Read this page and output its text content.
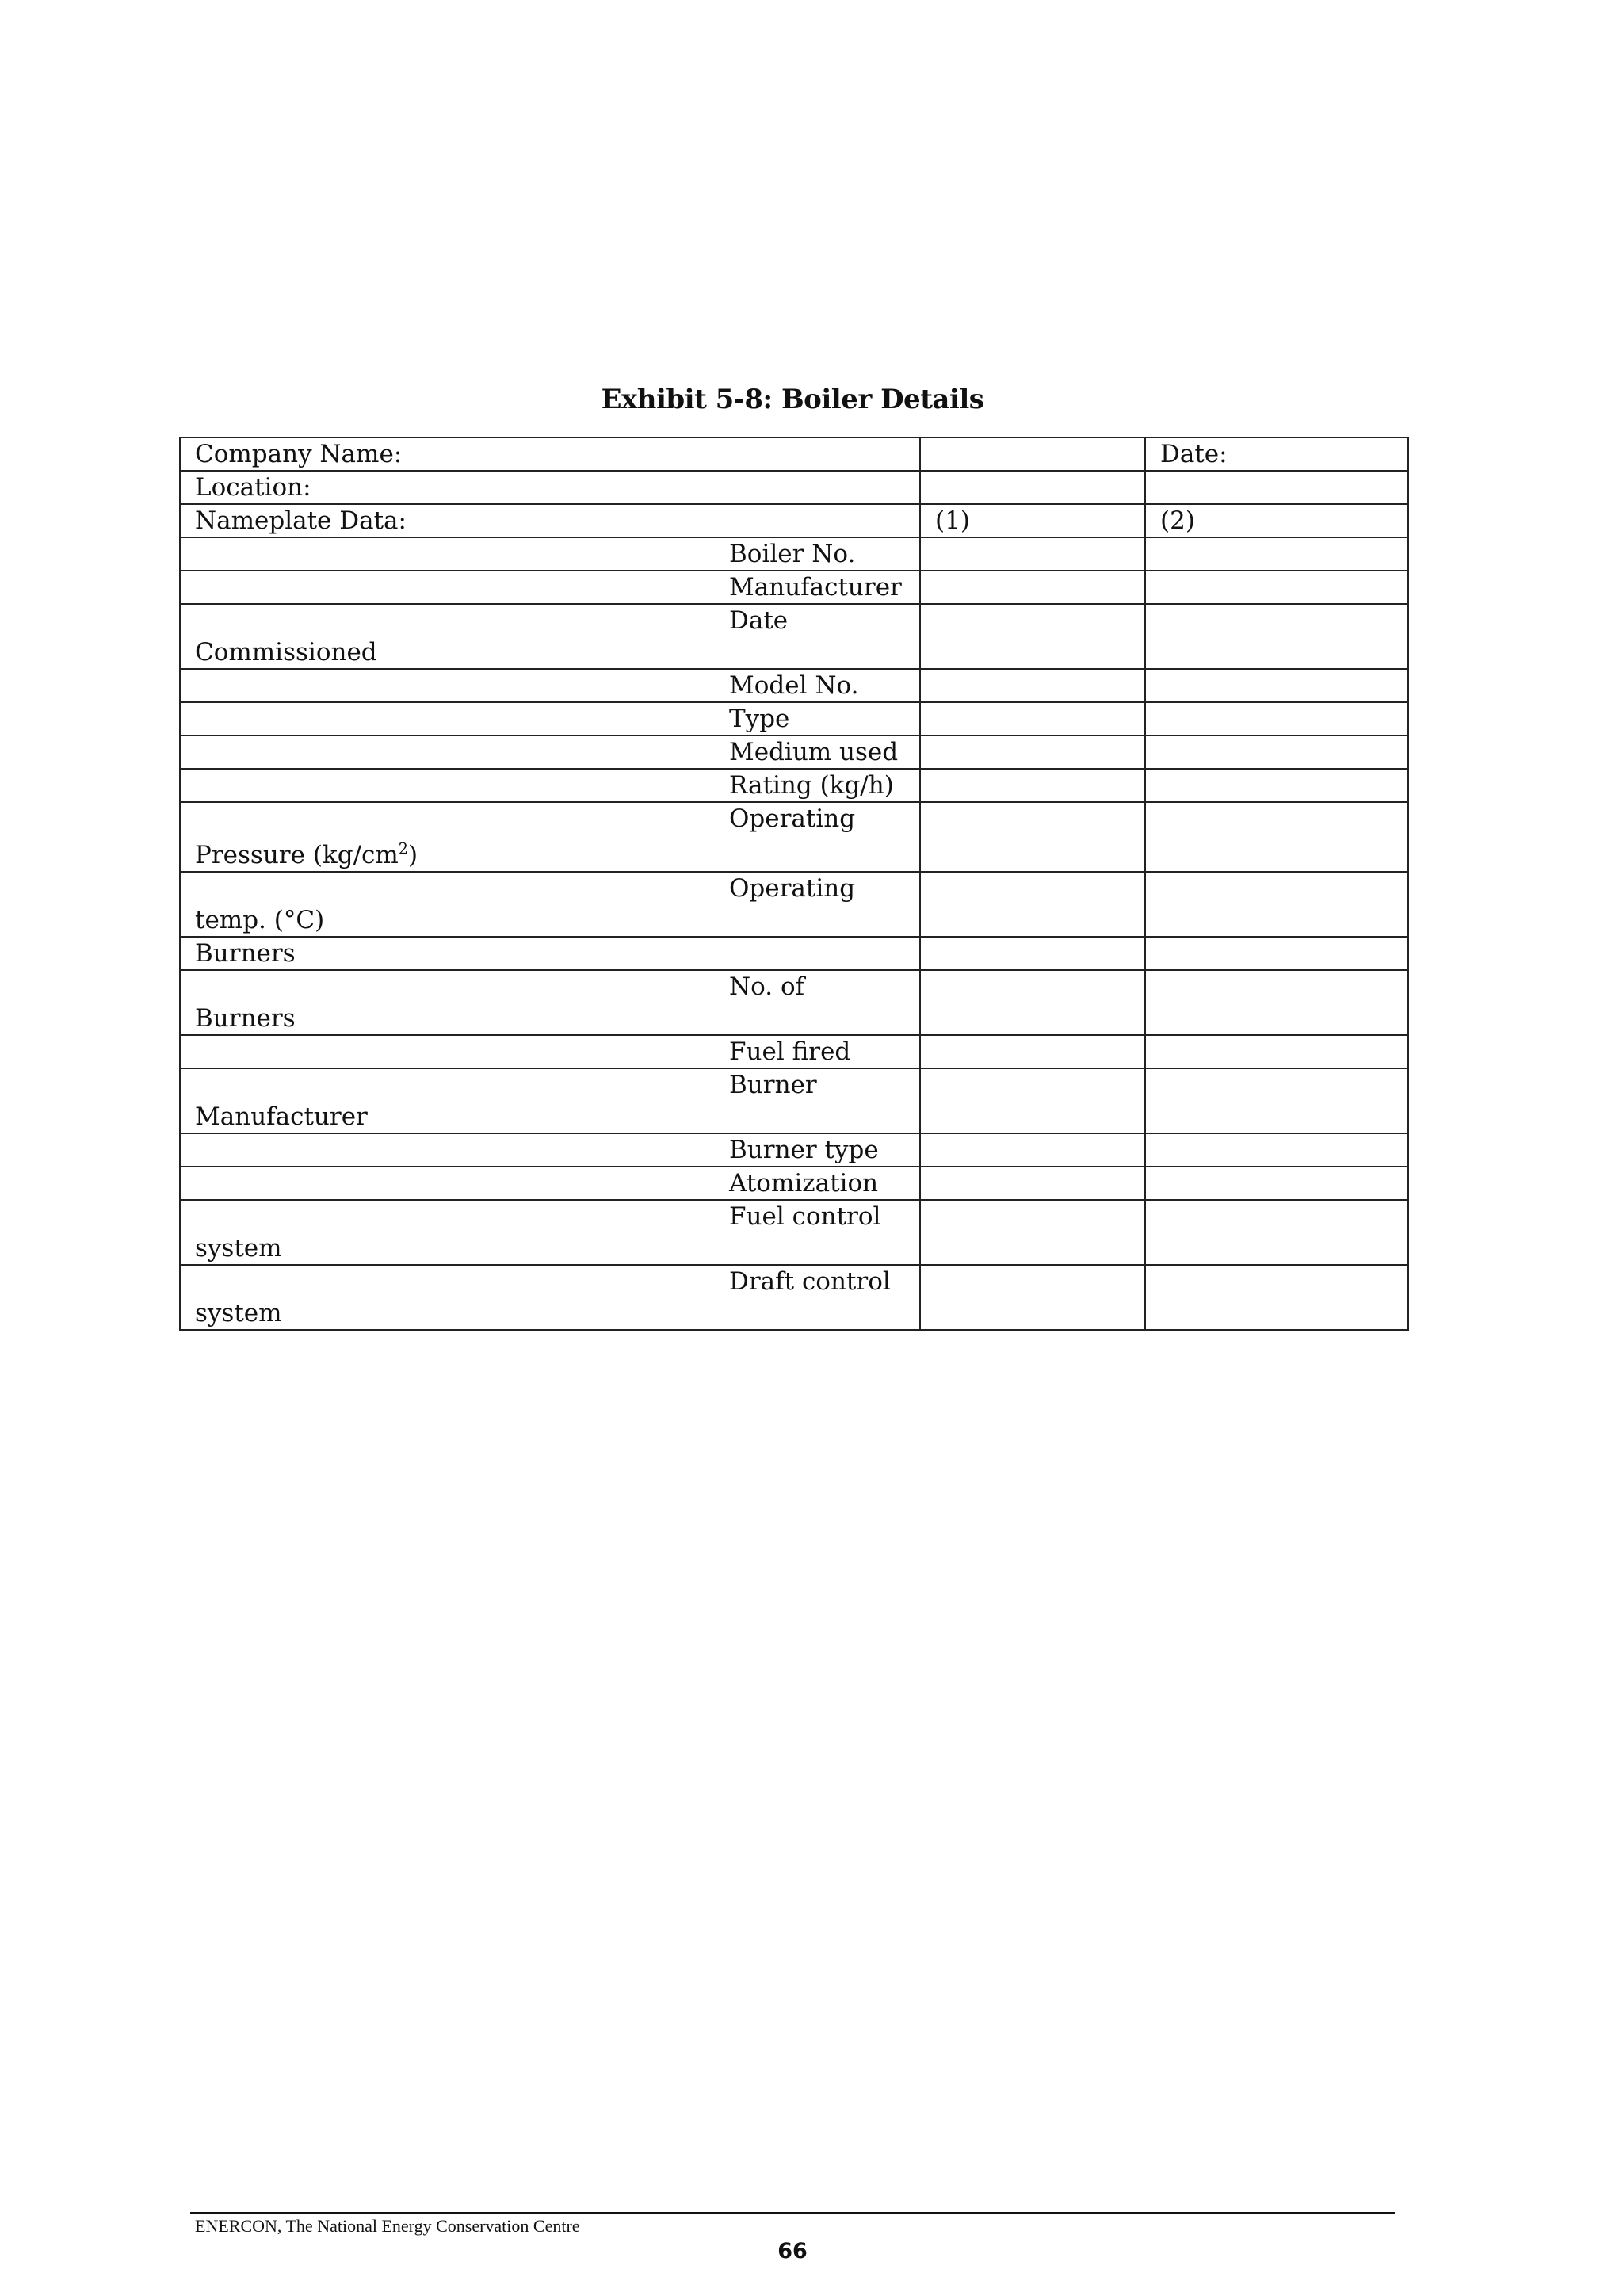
Exhibit 5-8: Boiler Details
Company Name:		Date:
Location:		
Nameplate Data:	(1)	(2)

Boiler No.		

Manufacturer		

Date
Commissioned		

Model No.		

Type		

Medium used		

Rating (kg/h)		

Operating
Pressure $(kg/cm^2)$		

Operating
temp. (°C)		

Burners		

No. of
Burners		

Fuel fired		

Burner
Manufacturer		

Burner type		

Atomization		

Fuel control
system		

Draft control
system		

ENERCON, The National Energy Conservation Centre
66
